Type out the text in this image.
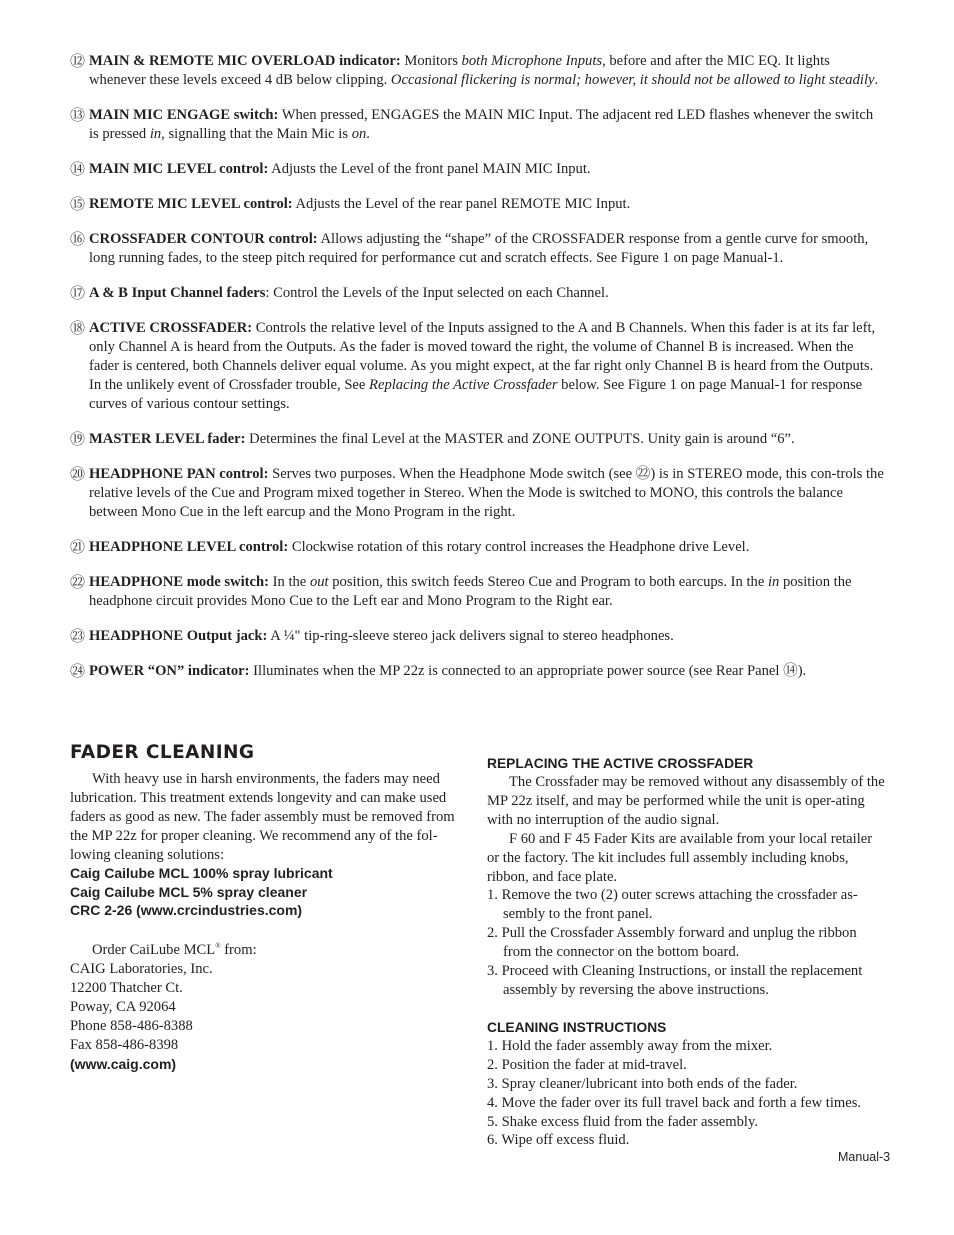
⑫ MAIN & REMOTE MIC OVERLOAD indicator: Monitors both Microphone Inputs, before and after the MIC EQ. It lights whenever these levels exceed 4 dB below clipping. Occasional flickering is normal; however, it should not be allowed to light steadily.
⑬ MAIN MIC ENGAGE switch: When pressed, ENGAGES the MAIN MIC Input. The adjacent red LED flashes whenever the switch is pressed in, signalling that the Main Mic is on.
⑭ MAIN MIC LEVEL control: Adjusts the Level of the front panel MAIN MIC Input.
⑮ REMOTE MIC LEVEL control: Adjusts the Level of the rear panel REMOTE MIC Input.
⑯ CROSSFADER CONTOUR control: Allows adjusting the “shape” of the CROSSFADER response from a gentle curve for smooth, long running fades, to the steep pitch required for performance cut and scratch effects. See Figure 1 on page Manual-1.
⑰ A & B Input Channel faders: Control the Levels of the Input selected on each Channel.
⑱ ACTIVE CROSSFADER: Controls the relative level of the Inputs assigned to the A and B Channels. When this fader is at its far left, only Channel A is heard from the Outputs. As the fader is moved toward the right, the volume of Channel B is increased. When the fader is centered, both Channels deliver equal volume. As you might expect, at the far right only Channel B is heard from the Outputs. In the unlikely event of Crossfader trouble, See Replacing the Active Crossfader below. See Figure 1 on page Manual-1 for response curves of various contour settings.
⑲ MASTER LEVEL fader: Determines the final Level at the MASTER and ZONE OUTPUTS. Unity gain is around “6”.
⑳ HEADPHONE PAN control: Serves two purposes. When the Headphone Mode switch (see ㉒) is in STEREO mode, this con-trols the relative levels of the Cue and Program mixed together in Stereo. When the Mode is switched to MONO, this controls the balance between Mono Cue in the left earcup and the Mono Program in the right.
㉑ HEADPHONE LEVEL control: Clockwise rotation of this rotary control increases the Headphone drive Level.
㉒ HEADPHONE mode switch: In the out position, this switch feeds Stereo Cue and Program to both earcups. In the in position the headphone circuit provides Mono Cue to the Left ear and Mono Program to the Right ear.
㉓ HEADPHONE Output jack: A ¼" tip-ring-sleeve stereo jack delivers signal to stereo headphones.
㉔ POWER “ON” indicator: Illuminates when the MP 22z is connected to an appropriate power source (see Rear Panel ⑭).
FADER CLEANING

With heavy use in harsh environments, the faders may need lubrication. This treatment extends longevity and can make used faders as good as new. The fader assembly must be removed from the MP 22z for proper cleaning. We recommend any of the fol-lowing cleaning solutions:

Caig Cailube MCL 100% spray lubricant

Caig Cailube MCL 5% spray cleaner

CRC 2-26 (www.crcindustries.com)

Order CaiLube MCL® from:

CAIG Laboratories, Inc.

12200 Thatcher Ct.

Poway, CA 92064

Phone 858-486-8388

Fax 858-486-8398

(www.caig.com)

REPLACING THE ACTIVE CROSSFADER

The Crossfader may be removed without any disassembly of the MP 22z itself, and may be performed while the unit is oper-ating with no interruption of the audio signal.

F 60 and F 45 Fader Kits are available from your local retailer or the factory. The kit includes full assembly including knobs, ribbon, and face plate.

1. Remove the two (2) outer screws attaching the crossfader as-sembly to the front panel.
2. Pull the Crossfader Assembly forward and unplug the ribbon from the connector on the bottom board.
3. Proceed with Cleaning Instructions, or install the replacement assembly by reversing the above instructions.
CLEANING INSTRUCTIONS
1. Hold the fader assembly away from the mixer.
2. Position the fader at mid-travel.
3. Spray cleaner/lubricant into both ends of the fader.
4. Move the fader over its full travel back and forth a few times.
5. Shake excess fluid from the fader assembly.
6. Wipe off excess fluid.
Manual-3
